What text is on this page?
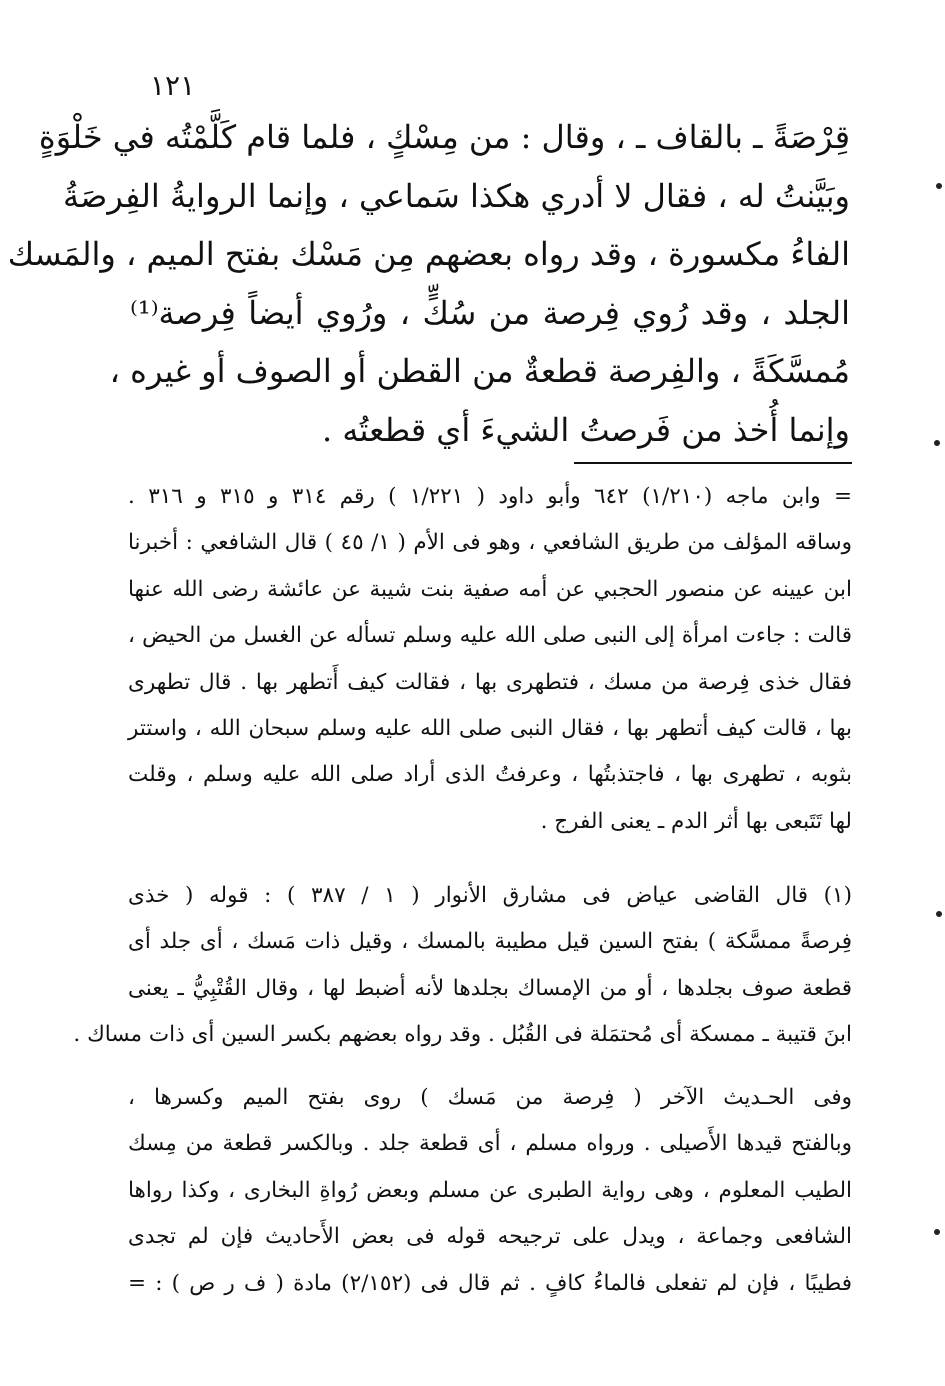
١٢١
قِرْصَةً ـ بالقاف ـ ، وقال : من مِسْكٍ ، فلما قام كَلَّمْتُه في خَلْوَةٍ
وبَيَّنتُ له ، فقال لا أدري هكذا سَماعي ، وإنما الروايةُ الفِرصَةُ
الفاءُ مكسورة ، وقد رواه بعضهم مِن مَسْك بفتح الميم ، والمَسك
الجلد ، وقد رُوي فِرصة من سُكٍّ ، ورُوي أيضاً فِرصة⁽¹⁾
مُمسَّكَةً ، والفِرصة قطعةٌ من القطن أو الصوف أو غيره ،
وإنما أُخذ من فَرصتُ الشيءَ أي قطعتُه .
= وابن ماجه (١/٢١٠) ٦٤٢ وأبو داود ( ١/٢٢١ ) رقم ٣١٤ و ٣١٥ و ٣١٦ .
وساقه المؤلف من طريق الشافعي ، وهو فى الأم ( ١/ ٤٥ ) قال الشافعي : أخبرنا
ابن عيينه عن منصور الحجبي عن أمه صفية بنت شيبة عن عائشة رضى الله عنها
قالت : جاءت امرأة إلى النبى صلى الله عليه وسلم تسأله عن الغسل من الحيض ،
فقال خذى فِرصة من مسك ، فتطهرى بها ، فقالت كيف أَتطهر بها . قال تطهرى
بها ، قالت كيف أتطهر بها ، فقال النبى صلى الله عليه وسلم سبحان الله ، واستتر
بثوبه ، تطهرى بها ، فاجتذبتُها ، وعرفتُ الذى أراد صلى الله عليه وسلم ، وقلت
لها تَتَبعى بها أثر الدم ـ يعنى الفرج .
(١) قال القاضى عياض فى مشارق الأنوار ( ١ / ٣٨٧ ) : قوله ( خذى
فِرصةً ممسَّكة ) بفتح السين قيل مطيبة بالمسك ، وقيل ذات مَسك ، أى جلد أى
قطعة صوف بجلدها ، أو من الإمساك بجلدها لأنه أضبط لها ، وقال القُتْبِيُّ ـ يعنى
ابنَ قتيبة ـ ممسكة أى مُحتمَلة فى القُبُل . وقد رواه بعضهم بكسر السين أى ذات مساك .
وفى الحـديث الآخر ( فِرصة من مَسك ) روى بفتح الميم وكسرها ،
وبالفتح قيدها الأَصيلى . ورواه مسلم ، أى قطعة جلد . وبالكسر قطعة من مِسك
الطيب المعلوم ، وهى رواية الطبرى عن مسلم وبعض رُواةِ البخارى ، وكذا رواها
الشافعى وجماعة ، ويدل على ترجيحه قوله فى بعض الأَحاديث فإن لم تجدى
فطيبًا ، فإن لم تفعلى فالماءُ كافٍ . ثم قال فى (٢/١٥٢) مادة ( ف ر ص ) : =
